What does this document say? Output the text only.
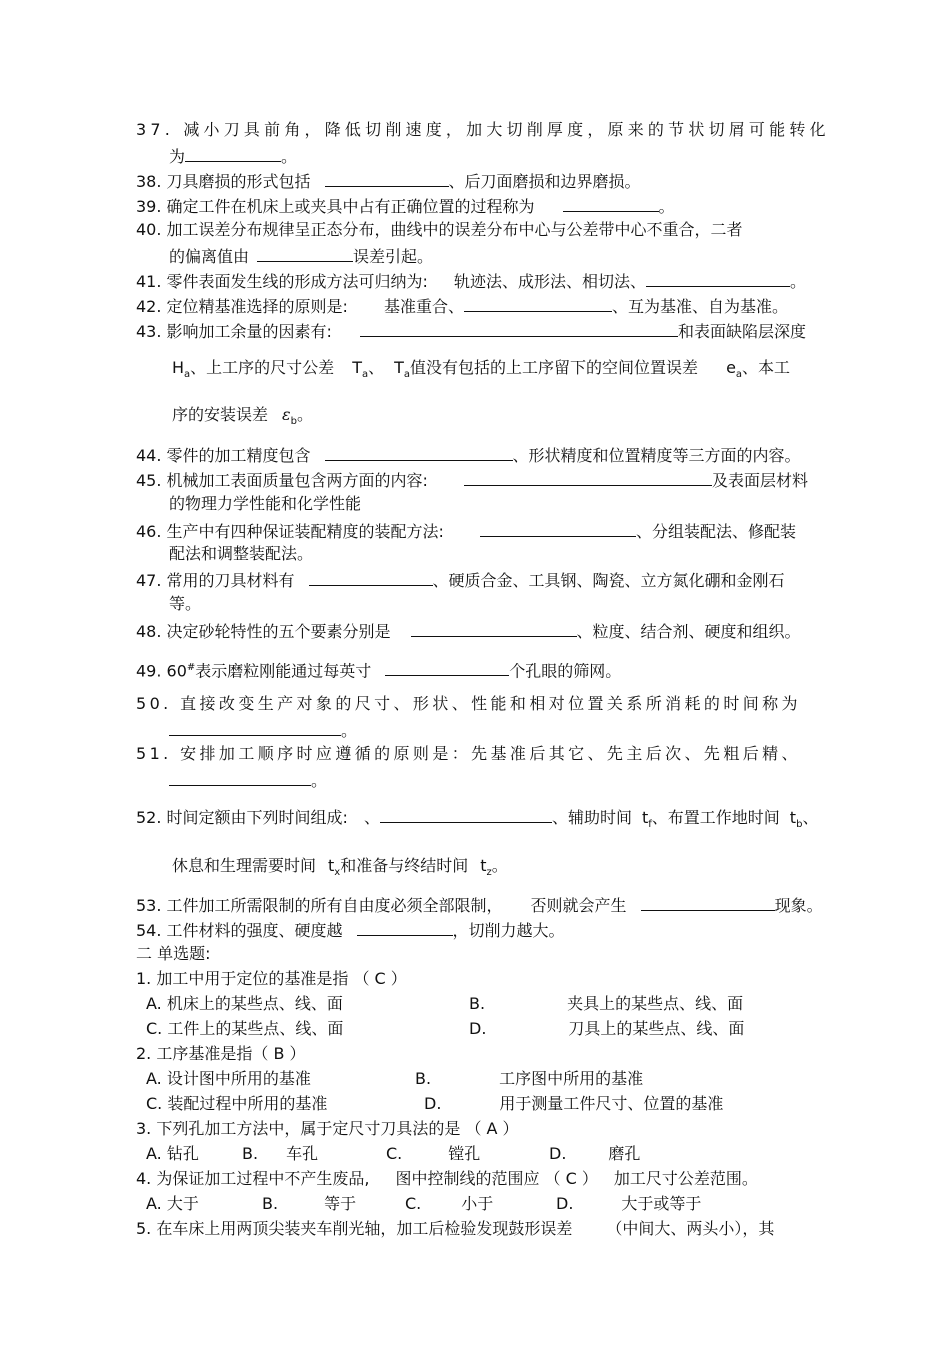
37. 减小刀具前角，降低切削速度，加大切削厚度，原来的节状切屑可能转化
为	。
38. 刀具磨损的形式包括	、后刀面磨损和边界磨损。
39. 确定工件在机床上或夹具中占有正确位置的过程称为	。
40. 加工误差分布规律呈正态分布，曲线中的误差分布中心与公差带中心不重合，二者
的偏离值由	误差引起。
41. 零件表面发生线的形成方法可归纳为: 轨迹法、成形法、相切法、	。
42. 定位精基准选择的原则是: 基准重合、	、互为基准、自为基准。
43. 影响加工余量的因素有:	和表面缺陷层深度
$H_a$、上工序的尺寸公差 $T_a$、 $T_a$值没有包括的上工序留下的空间位置误差 $e_a$、本工
序的安装误差 $\varepsilon_b$。
44. 零件的加工精度包含	、形状精度和位置精度等三方面的内容。
45. 机械加工表面质量包含两方面的内容:	及表面层材料
的物理力学性能和化学性能
46. 生产中有四种保证装配精度的装配方法:	、分组装配法、修配装
配法和调整装配法。
47. 常用的刀具材料有	、硬质合金、工具钢、陶瓷、立方氮化硼和金刚石
等。
48. 决定砂轮特性的五个要素分别是	、粒度、结合剂、硬度和组织。
49. 60#表示磨粒刚能通过每英寸	个孔眼的筛网。
50. 直接改变生产对象的尺寸、形状、性能和相对位置关系所消耗的时间称为
。
51. 安排加工顺序时应遵循的原则是：先基准后其它、先主后次、先粗后精、
。
52. 时间定额由下列时间组成: 、	、辅助时间 $t_f$、布置工作地时间 $t_b$、
休息和生理需要时间 $t_x$和准备与终结时间 $t_z$。
53. 工件加工所需限制的所有自由度必须全部限制， 否则就会产生	现象。
54. 工件材料的强度、硬度越	，切削力越大。
二 单选题:
1. 加工中用于定位的基准是指 （ C ）
A. 机床上的某些点、线、面	B.	夹具上的某些点、线、面
C. 工件上的某些点、线、面	D.	刀具上的某些点、线、面
2. 工序基准是指（ B ）
A. 设计图中所用的基准	B.	工序图中所用的基准
C. 装配过程中所用的基准	D.	用于测量工件尺寸、位置的基准
3. 下列孔加工方法中，属于定尺寸刀具法的是 （ A ）
A. 钻孔	B. 车孔	C.	镗孔	D.	磨孔
4. 为保证加工过程中不产生废品, 图中控制线的范围应 （ C ） 加工尺寸公差范围。
A. 大于	B.	等于	C.	小于	D.	大于或等于
5. 在车床上用两顶尖装夹车削光轴，加工后检验发现鼓形误差 （中间大、两头小），其
